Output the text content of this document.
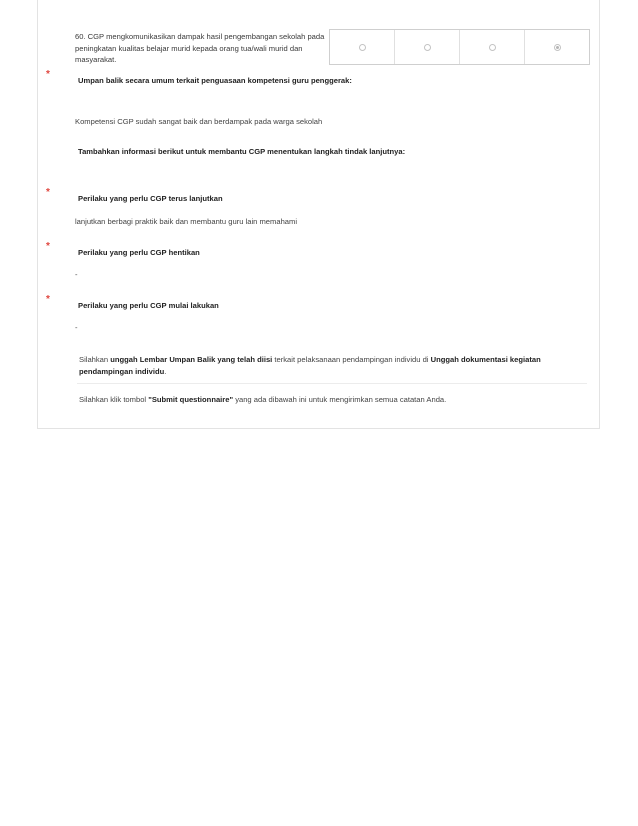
60. CGP mengkomunikasikan dampak hasil pengembangan sekolah pada peningkatan kualitas belajar murid kepada orang tua/wali murid dan masyarakat.
*
Umpan balik secara umum terkait penguasaan kompetensi guru penggerak:
Kompetensi CGP sudah sangat baik dan berdampak pada warga sekolah
Tambahkan informasi berikut untuk membantu CGP menentukan langkah tindak lanjutnya:
*
Perilaku yang perlu CGP terus lanjutkan
lanjutkan berbagi praktik baik dan membantu guru lain memahami
*
Perilaku yang perlu CGP hentikan
-
*
Perilaku yang perlu CGP mulai lakukan
-
Silahkan unggah Lembar Umpan Balik yang telah diisi terkait pelaksanaan pendampingan individu di Unggah dokumentasi kegiatan pendampingan individu.
Silahkan klik tombol "Submit questionnaire" yang ada dibawah ini untuk mengirimkan semua catatan Anda.
